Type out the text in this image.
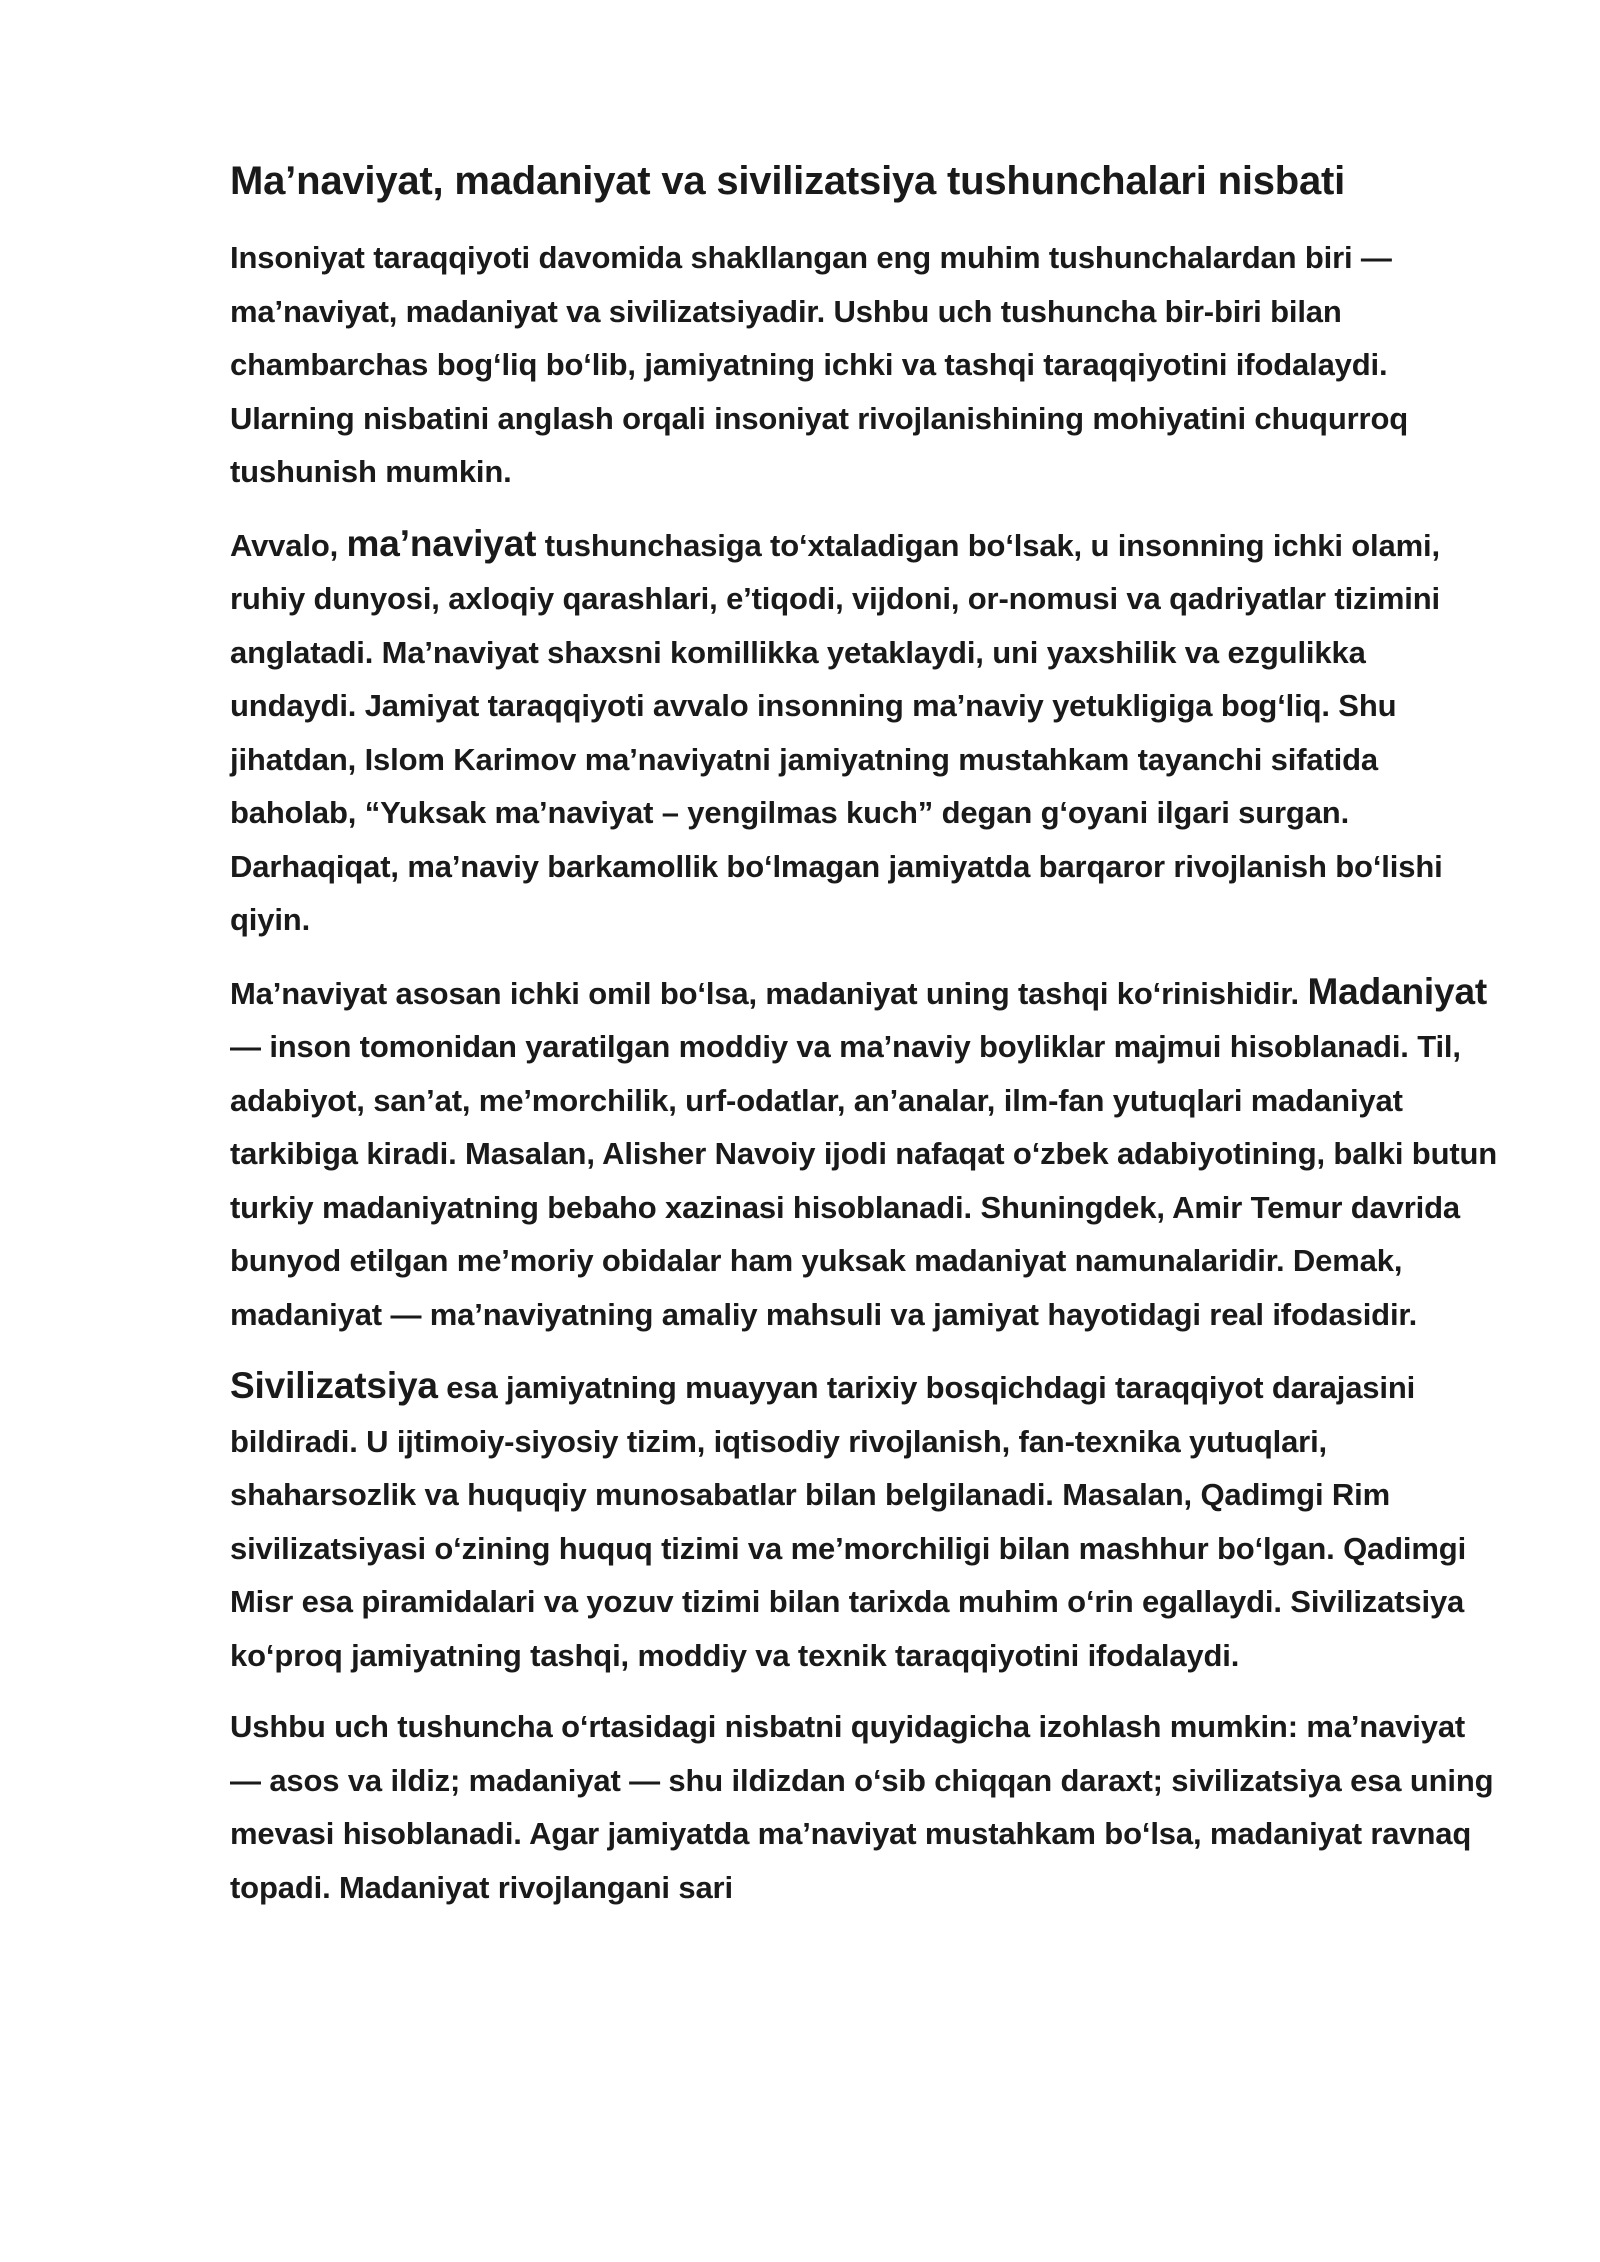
Ma’naviyat, madaniyat va sivilizatsiya tushunchalari nisbati

Insoniyat taraqqiyoti davomida shakllangan eng muhim tushunchalardan biri — ma’naviyat, madaniyat va sivilizatsiyadir. Ushbu uch tushuncha bir-biri bilan chambarchas bog‘liq bo‘lib, jamiyatning ichki va tashqi taraqqiyotini ifodalaydi. Ularning nisbatini anglash orqali insoniyat rivojlanishining mohiyatini chuqurroq tushunish mumkin.

Avvalo, ma’naviyat tushunchasiga to‘xtaladigan bo‘lsak, u insonning ichki olami, ruhiy dunyosi, axloqiy qarashlari, e’tiqodi, vijdoni, or-nomusi va qadriyatlar tizimini anglatadi. Ma’naviyat shaxsni komillikka yetaklaydi, uni yaxshilik va ezgulikka undaydi. Jamiyat taraqqiyoti avvalo insonning ma’naviy yetukligiga bog‘liq. Shu jihatdan, Islom Karimov ma’naviyatni jamiyatning mustahkam tayanchi sifatida baholab, “Yuksak ma’naviyat – yengilmas kuch” degan g‘oyani ilgari surgan. Darhaqiqat, ma’naviy barkamollik bo‘lmagan jamiyatda barqaror rivojlanish bo‘lishi qiyin.

Ma’naviyat asosan ichki omil bo‘lsa, madaniyat uning tashqi ko‘rinishidir. Madaniyat — inson tomonidan yaratilgan moddiy va ma’naviy boyliklar majmui hisoblanadi. Til, adabiyot, san’at, me’morchilik, urf-odatlar, an’analar, ilm-fan yutuqlari madaniyat tarkibiga kiradi. Masalan, Alisher Navoiy ijodi nafaqat o‘zbek adabiyotining, balki butun turkiy madaniyatning bebaho xazinasi hisoblanadi. Shuningdek, Amir Temur davrida bunyod etilgan me’moriy obidalar ham yuksak madaniyat namunalaridir. Demak, madaniyat — ma’naviyatning amaliy mahsuli va jamiyat hayotidagi real ifodasidir.

Sivilizatsiya esa jamiyatning muayyan tarixiy bosqichdagi taraqqiyot darajasini bildiradi. U ijtimoiy-siyosiy tizim, iqtisodiy rivojlanish, fan-texnika yutuqlari, shaharsozlik va huquqiy munosabatlar bilan belgilanadi. Masalan, Qadimgi Rim sivilizatsiyasi o‘zining huquq tizimi va me’morchiligi bilan mashhur bo‘lgan. Qadimgi Misr esa piramidalari va yozuv tizimi bilan tarixda muhim o‘rin egallaydi. Sivilizatsiya ko‘proq jamiyatning tashqi, moddiy va texnik taraqqiyotini ifodalaydi.

Ushbu uch tushuncha o‘rtasidagi nisbatni quyidagicha izohlash mumkin: ma’naviyat — asos va ildiz; madaniyat — shu ildizdan o‘sib chiqqan daraxt; sivilizatsiya esa uning mevasi hisoblanadi. Agar jamiyatda ma’naviyat mustahkam bo‘lsa, madaniyat ravnaq topadi. Madaniyat rivojlangani sari
